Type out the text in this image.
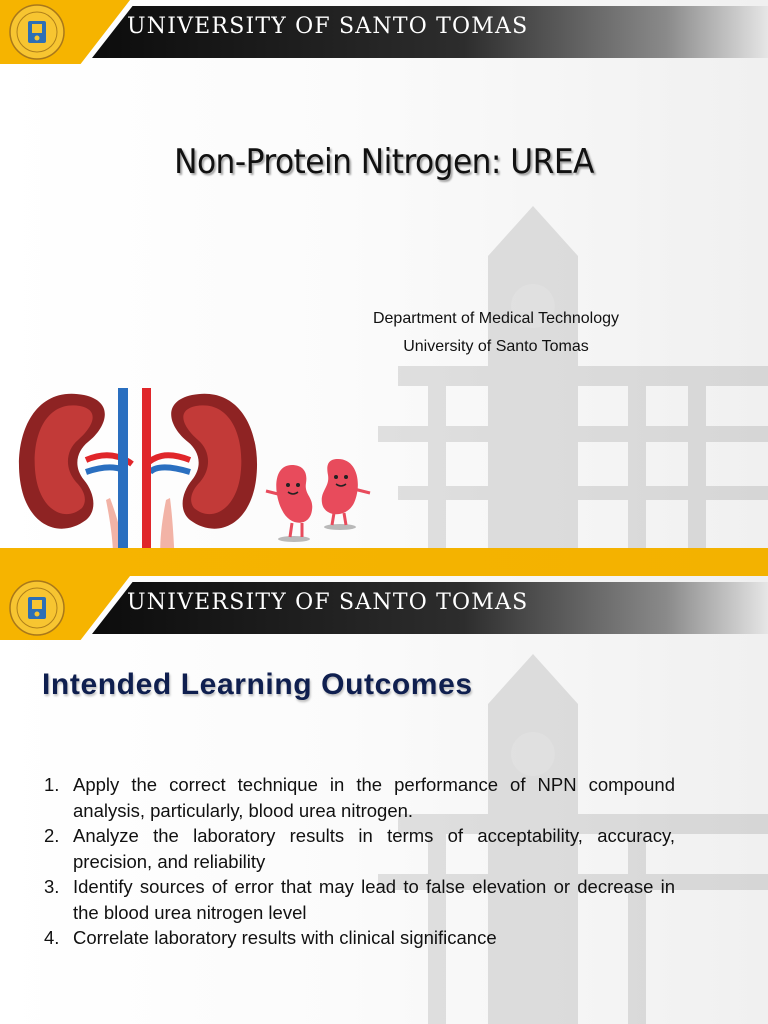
UNIVERSITY OF SANTO TOMAS
Non-Protein Nitrogen: UREA
Department of Medical Technology
University of Santo Tomas
UNIVERSITY OF SANTO TOMAS
Intended Learning Outcomes
1. Apply the correct technique in the performance of NPN compound analysis, particularly, blood urea nitrogen.
2. Analyze the laboratory results in terms of acceptability, accuracy, precision, and reliability
3. Identify sources of error that may lead to false elevation or decrease in the blood urea nitrogen level
4. Correlate laboratory results with clinical significance
